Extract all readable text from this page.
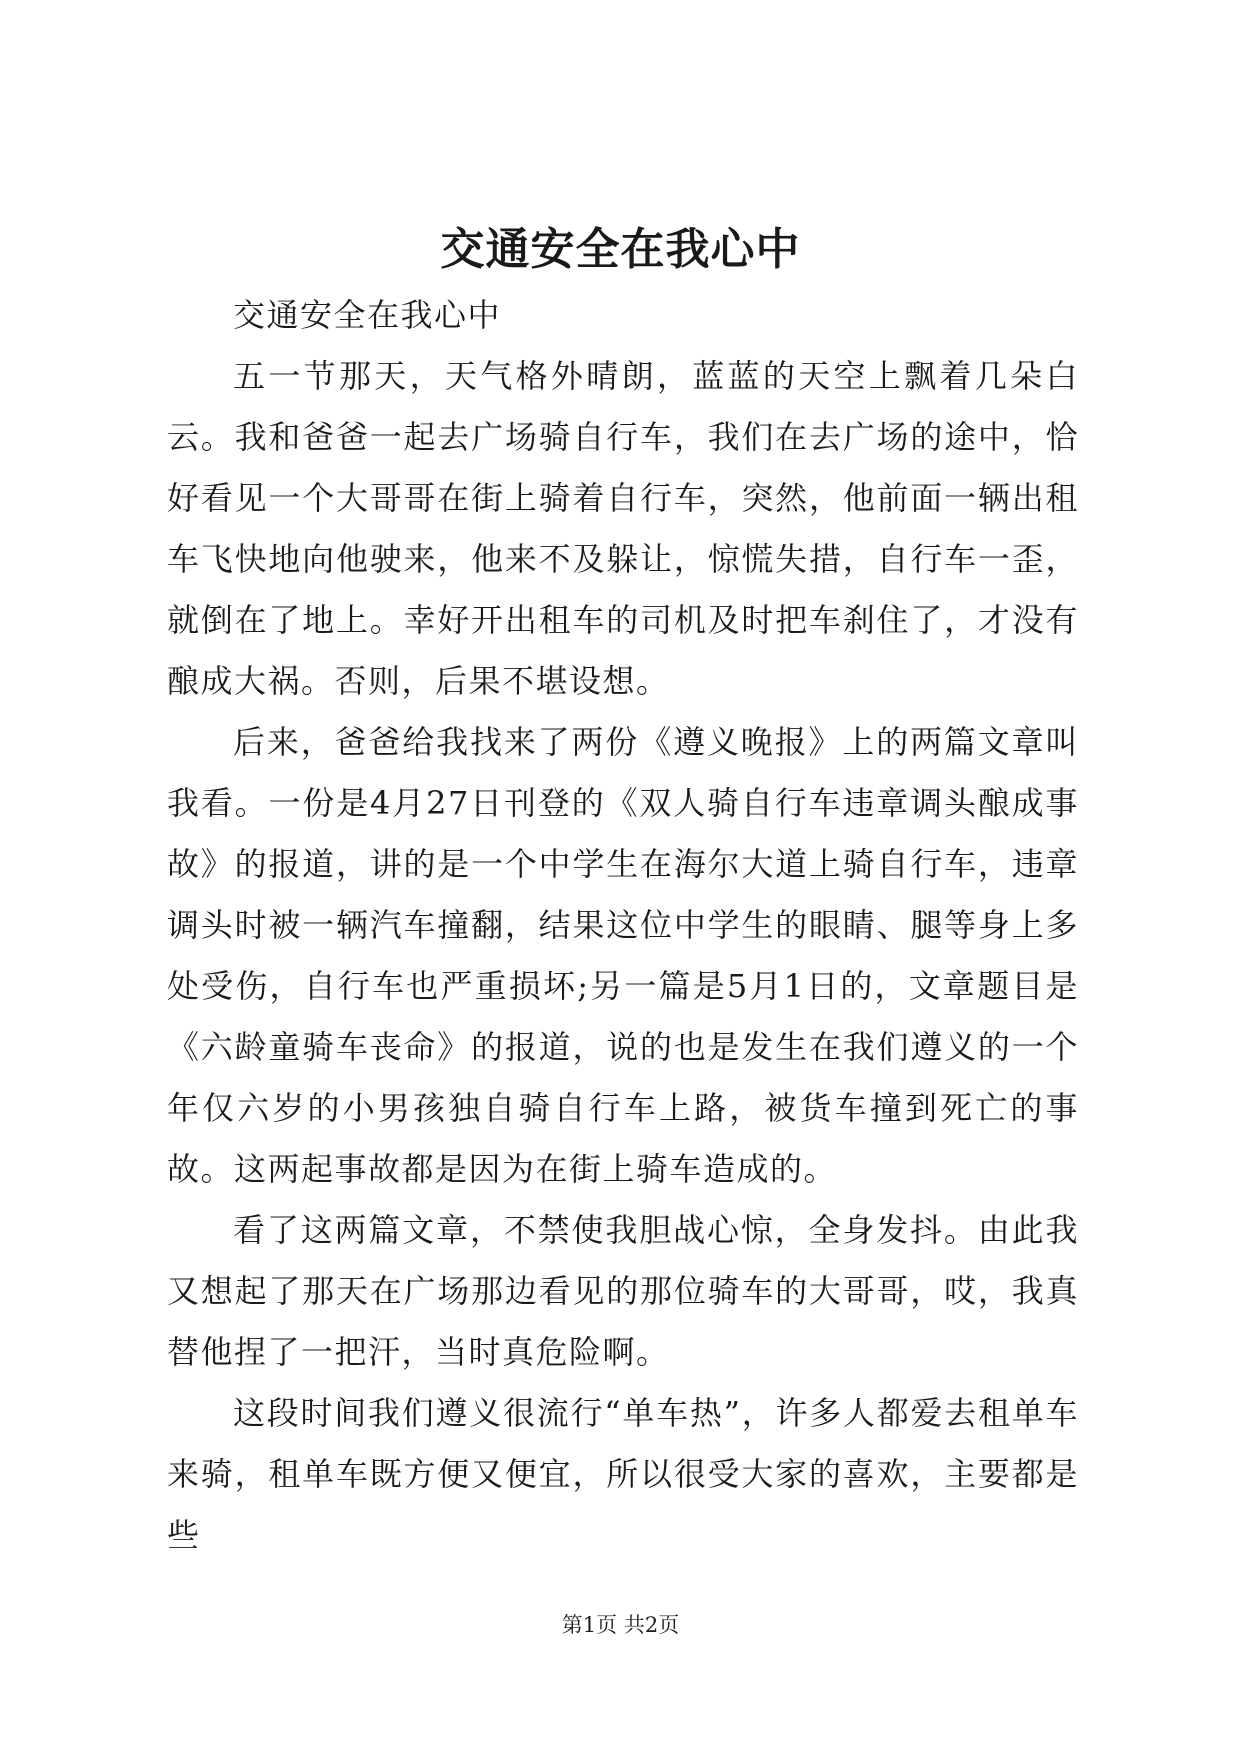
交通安全在我心中

交通安全在我心中

五一节那天，天气格外晴朗，蓝蓝的天空上飘着几朵白云。我和爸爸一起去广场骑自行车，我们在去广场的途中，恰好看见一个大哥哥在街上骑着自行车，突然，他前面一辆出租车飞快地向他驶来，他来不及躲让，惊慌失措，自行车一歪，就倒在了地上。幸好开出租车的司机及时把车刹住了，才没有酿成大祸。否则，后果不堪设想。

后来，爸爸给我找来了两份《遵义晚报》上的两篇文章叫我看。一份是4月27日刊登的《双人骑自行车违章调头酿成事故》的报道，讲的是一个中学生在海尔大道上骑自行车，违章调头时被一辆汽车撞翻，结果这位中学生的眼睛、腿等身上多处受伤，自行车也严重损坏;另一篇是5月1日的，文章题目是《六龄童骑车丧命》的报道，说的也是发生在我们遵义的一个年仅六岁的小男孩独自骑自行车上路，被货车撞到死亡的事故。这两起事故都是因为在街上骑车造成的。

看了这两篇文章，不禁使我胆战心惊，全身发抖。由此我又想起了那天在广场那边看见的那位骑车的大哥哥，哎，我真替他捏了一把汗，当时真危险啊。

这段时间我们遵义很流行“单车热”，许多人都爱去租单车来骑，租单车既方便又便宜，所以很受大家的喜欢，主要都是些

第1页 共2页
